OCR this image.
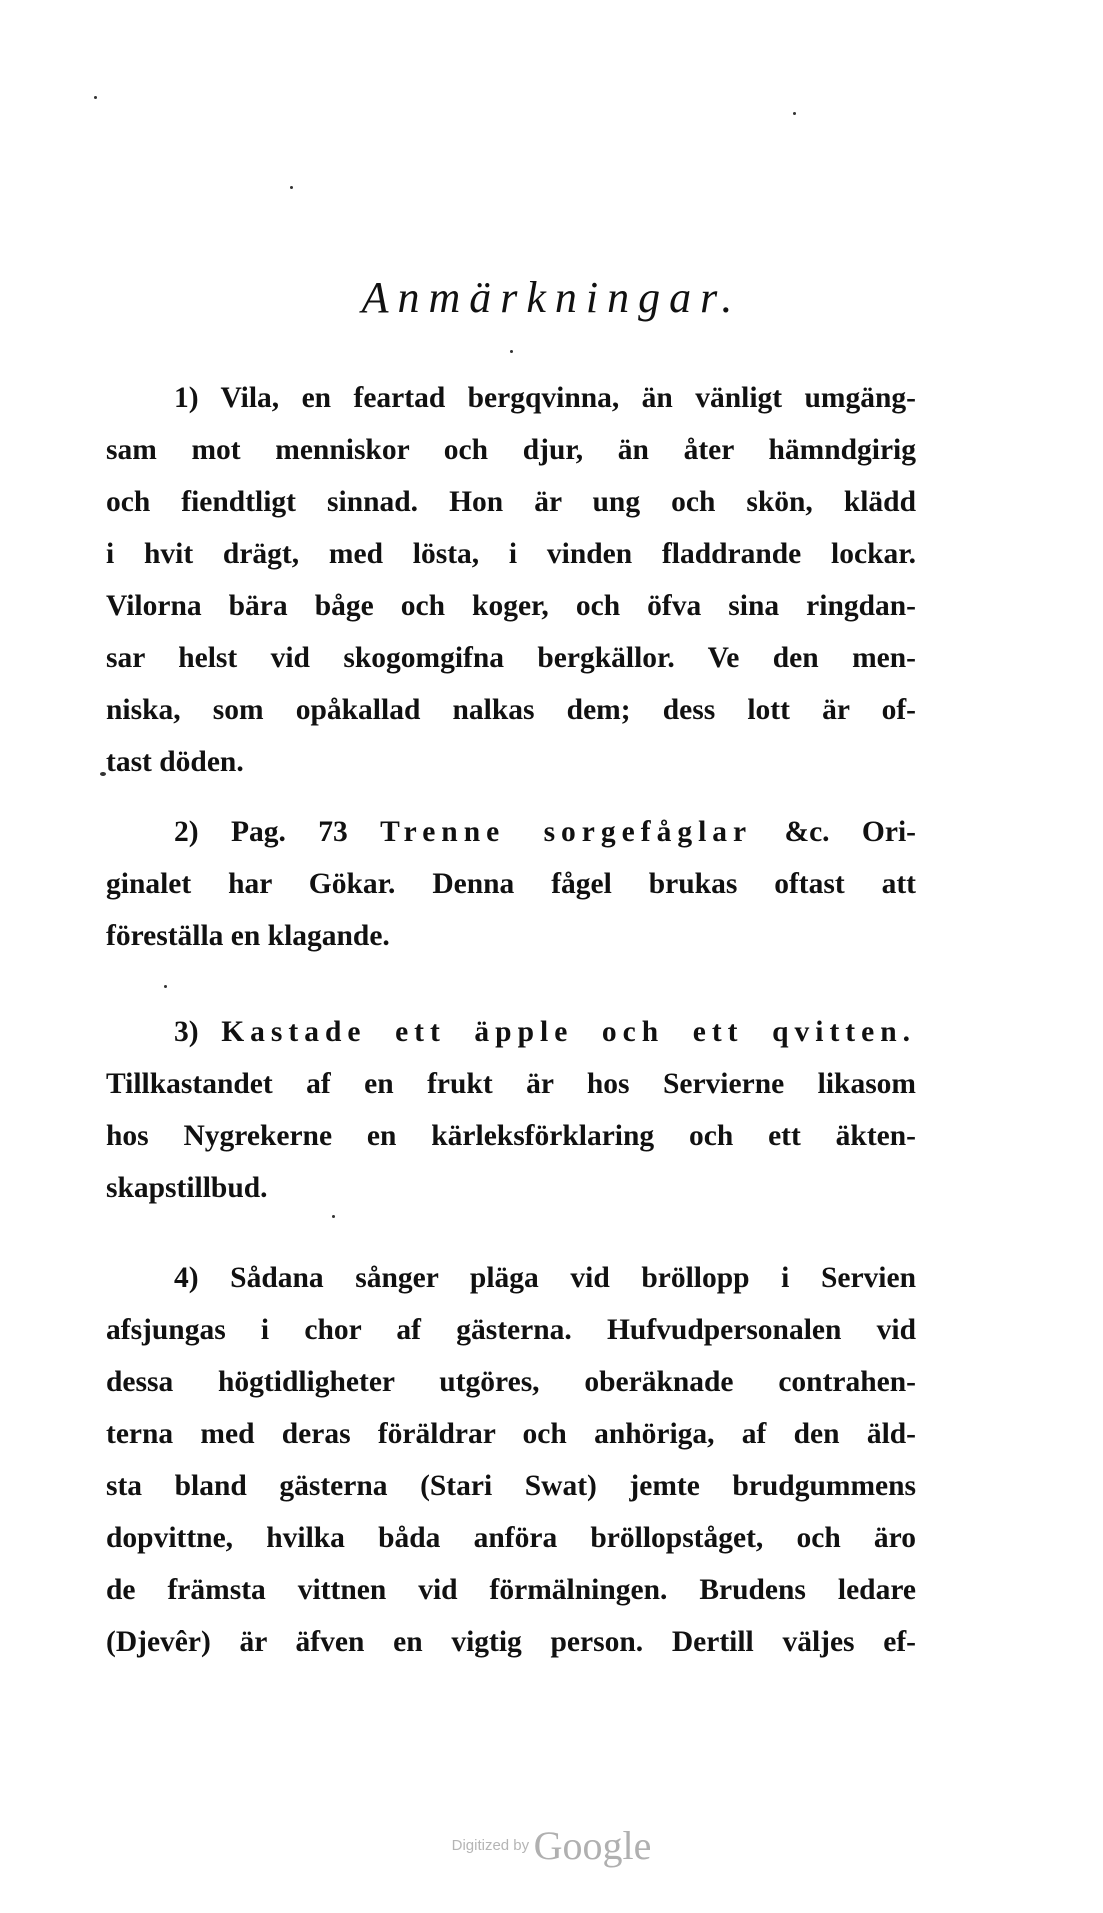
Anmärkningar.
1) Vila, en feartad bergqvinna, än vänligt umgäng-
sam mot menniskor och djur, än åter hämndgirig
och fiendtligt sinnad. Hon är ung och skön, klädd
i hvit drägt, med lösta, i vinden fladdrande lockar.
Vilorna bära båge och koger, och öfva sina ringdan-
sar helst vid skogomgifna bergkällor. Ve den men-
niska, som opåkallad nalkas dem; dess lott är of-
tast döden.
2) Pag. 73 Trenne sorgefåglar &c. Ori-
ginalet har Gökar. Denna fågel brukas oftast att
föreställa en klagande.
3) Kastade ett äpple och ett qvitten.
Tillkastandet af en frukt är hos Servierne likasom
hos Nygrekerne en kärleksförklaring och ett äkten-
skapstillbud.
4) Sådana sånger pläga vid bröllopp i Servien
afsjungas i chor af gästerna. Hufvudpersonalen vid
dessa högtidligheter utgöres, oberäknade contrahen-
terna med deras föräldrar och anhöriga, af den äld-
sta bland gästerna (Stari Swat) jemte brudgummens
dopvittne, hvilka båda anföra bröllopståget, och äro
de främsta vittnen vid förmälningen. Brudens ledare
(Djevêr) är äfven en vigtig person. Dertill väljes ef-
Digitized by Google
